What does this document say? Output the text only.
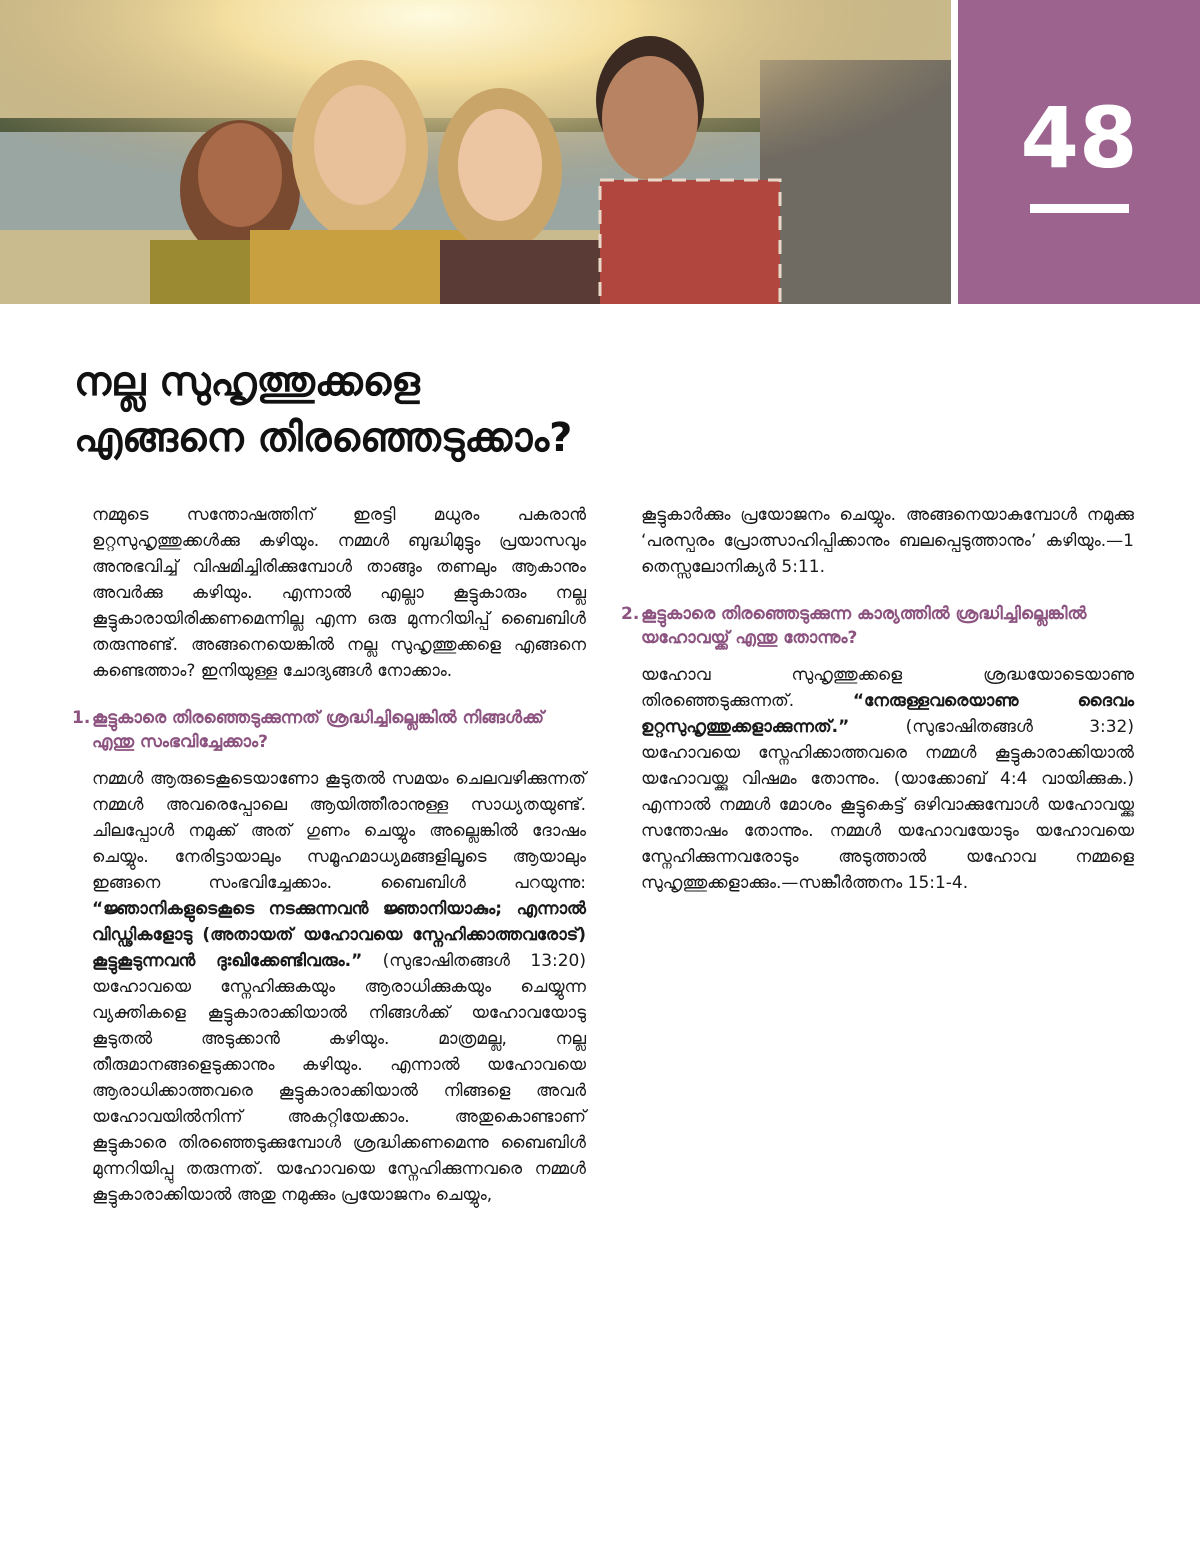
48
നല്ല സുഹൃത്തുക്കളെ
എങ്ങനെ തിരഞ്ഞെടുക്കാം?

നമ്മുടെ സന്തോഷത്തിന് ഇരട്ടി മധുരം പകരാൻ ഉറ്റസുഹൃത്തുക്കൾക്കു കഴിയും. നമ്മൾ ബുദ്ധിമുട്ടും പ്രയാസവും അനുഭവിച്ച് വിഷമിച്ചിരിക്കുമ്പോൾ താങ്ങും തണലും ആകാനും അവർക്കു കഴിയും. എന്നാൽ എല്ലാ കൂട്ടുകാരും നല്ല കൂട്ടുകാരായിരിക്കണമെന്നില്ല എന്ന ഒരു മുന്നറിയിപ്പ് ബൈബിൾ തരുന്നുണ്ട്. അങ്ങനെയെങ്കിൽ നല്ല സുഹൃത്തുക്കളെ എങ്ങനെ കണ്ടെത്താം? ഇനിയുള്ള ചോദ്യങ്ങൾ നോക്കാം.

1. കൂട്ടുകാരെ തിരഞ്ഞെടുക്കുന്നത് ശ്രദ്ധിച്ചില്ലെങ്കിൽ നിങ്ങൾക്ക് എന്തു സംഭവിച്ചേക്കാം?

നമ്മൾ ആരുടെകൂടെയാണോ കൂടുതൽ സമയം ചെലവഴിക്കുന്നത് നമ്മൾ അവരെപ്പോലെ ആയിത്തീരാനുള്ള സാധ്യതയുണ്ട്. ചിലപ്പോൾ നമുക്ക് അത് ഗുണം ചെയ്യും അല്ലെങ്കിൽ ദോഷം ചെയ്യും. നേരിട്ടായാലും സമൂഹമാധ്യമങ്ങളിലൂടെ ആയാലും ഇങ്ങനെ സംഭവിച്ചേക്കാം. ബൈബിൾ പറയുന്നു: “ജ്ഞാനികളുടെകൂടെ നടക്കുന്നവൻ ജ്ഞാനിയാകും; എന്നാൽ വിഡ്ഢികളോടു (അതായത് യഹോവയെ സ്നേഹിക്കാത്തവരോട്) കൂട്ടുകൂടുന്നവൻ ദുഃഖിക്കേണ്ടിവരും.” (സുഭാഷിതങ്ങൾ 13:20) യഹോവയെ സ്നേഹിക്കുകയും ആരാധിക്കുകയും ചെയ്യുന്ന വ്യക്തികളെ കൂട്ടുകാരാക്കിയാൽ നിങ്ങൾക്ക് യഹോവയോടു കൂടുതൽ അടുക്കാൻ കഴിയും. മാത്രമല്ല, നല്ല തീരുമാനങ്ങളെടുക്കാനും കഴിയും. എന്നാൽ യഹോവയെ ആരാധിക്കാത്തവരെ കൂട്ടുകാരാക്കിയാൽ നിങ്ങളെ അവർ യഹോവയിൽനിന്ന് അകറ്റിയേക്കാം. അതുകൊണ്ടാണ് കൂട്ടുകാരെ തിരഞ്ഞെടുക്കുമ്പോൾ ശ്രദ്ധിക്കണമെന്നു ബൈബിൾ മുന്നറിയിപ്പു തരുന്നത്. യഹോവയെ സ്നേഹിക്കുന്നവരെ നമ്മൾ കൂട്ടുകാരാക്കിയാൽ അതു നമുക്കും പ്രയോജനം ചെയ്യും,

കൂട്ടുകാർക്കും പ്രയോജനം ചെയ്യും. അങ്ങനെയാകുമ്പോൾ നമുക്കു ‘പരസ്പരം പ്രോത്സാഹിപ്പിക്കാനും ബലപ്പെടുത്താനും’ കഴിയും.—1 തെസ്സലോനിക്യർ 5:11.

2. കൂട്ടുകാരെ തിരഞ്ഞെടുക്കുന്ന കാര്യത്തിൽ ശ്രദ്ധിച്ചില്ലെങ്കിൽ യഹോവയ്ക്ക് എന്തു തോന്നും?

യഹോവ സുഹൃത്തുക്കളെ ശ്രദ്ധയോടെയാണു തിരഞ്ഞെടുക്കുന്നത്.	“നേരുള്ളവരെയാണു ദൈവം ഉറ്റസുഹൃത്തുക്കളാക്കുന്നത്.”	(സുഭാഷിതങ്ങൾ 3:32) യഹോവയെ സ്നേഹിക്കാത്തവരെ നമ്മൾ കൂട്ടുകാരാക്കിയാൽ യഹോവയ്ക്കു വിഷമം തോന്നും. (യാക്കോബ് 4:4 വായിക്കുക.) എന്നാൽ നമ്മൾ മോശം കൂട്ടുകെട്ട് ഒഴിവാക്കുമ്പോൾ യഹോവയ്ക്കു സന്തോഷം തോന്നും. നമ്മൾ യഹോവയോടും യഹോവയെ സ്നേഹിക്കുന്നവരോടും അടുത്താൽ യഹോവ നമ്മളെ സുഹൃത്തുക്കളാക്കും.—സങ്കീർത്തനം 15:1-4.
